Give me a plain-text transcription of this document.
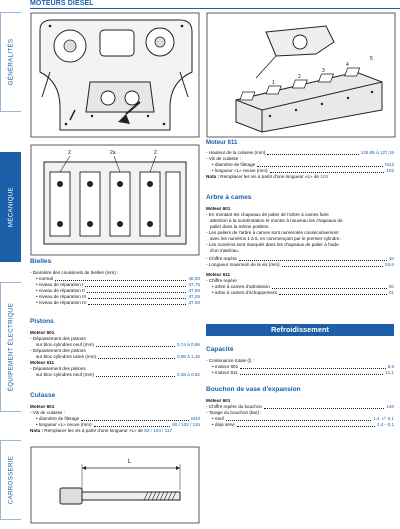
MOTEURS DIESEL
GÉNÉRALITÉS
MÉCANIQUE
ÉQUIPEMENT ÉLECTRIQUE
CARROSSERIE
1
2
3
4
5
2	2a	2
Bielles
- Diamètre des coussinets de bielles (mm) :
• normal	48,00
• niveau de réparation I	47,75
• niveau de réparation II	47,50
• niveau de réparation III	47,25
• niveau de réparation IV	47,00
Pistons
Moteur 601
- Dépassement des pistons
sur bloc-cylindres neuf (mm)	0,74 à 0,96
- Dépassement des pistons
sur bloc-cylindres usiné (mm)	0,96 à 1,15
Moteur 611
- Dépassement des pistons
sur bloc-cylindres neuf (mm)	0,38 à 0,62
Culasse
Moteur 601
- Vis de culasse :
• diamètre de filetage	M10
• longueur «L» neuve (mm)	80 / 102 / 115
Nota : Remplacer les vis à partir d'une longueur «L» de 82 / 104 / 117
L
Moteur 611
- Hauteur de la culasse (mm)	126,85 à 127,15
- Vis de culasse :
• diamètre de filetage	M12
• longueur «L» neuve (mm)	102
Nota : Remplacer les vis à partir d'une longueur «L» de 104
Arbre à cames
Moteur 601
- En montant les chapeaux de palier de l'arbre à cames faire
attention à la numérotation et monter à nouveau les chapeaux de
palier dans la même position.
- Les paliers de l'arbre à cames sont numérotés consécutivement
avec les numéros 1 à 5, en commençant par le premier cylindre.
- Les numéros sont marqués dans les chapeaux de palier à l'aide
d'un matériau.
- Chiffre repère	10
- Longueur maximum de la vis (mm)	53,6
Moteur 611
- Chiffre repère :
• arbre à cames d'admission	00
• arbre à cames d'échappement	01
Refroidissement
Capacité
- Contenance totale (l) :
• moteur 601	8,6
• moteur 611	11,1
Bouchon de vase d'expansion
Moteur 601
- Chiffre repère du bouchon	140
- Tarage du bouchon (bar) :
• neuf	1,4 +/- 0,1
• déjà servi	1,4 - 0,1
